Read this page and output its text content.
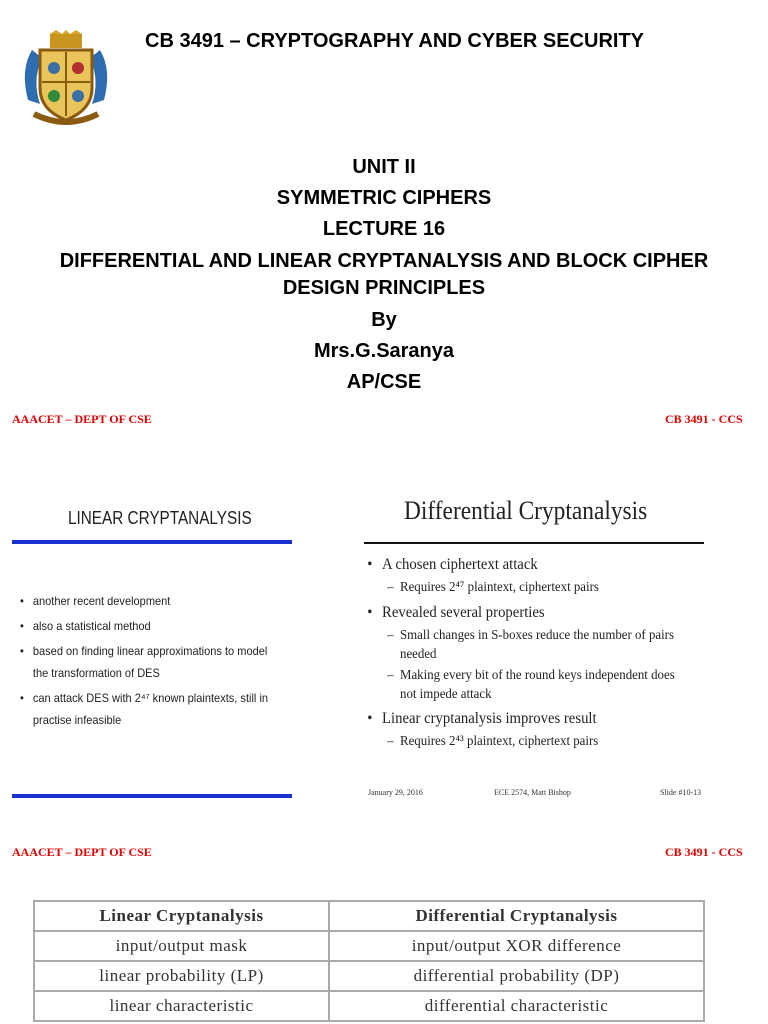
CB 3491 – CRYPTOGRAPHY AND CYBER SECURITY
UNIT II
SYMMETRIC CIPHERS
LECTURE 16
DIFFERENTIAL AND LINEAR CRYPTANALYSIS AND BLOCK CIPHER
DESIGN PRINCIPLES
By
Mrs.G.Saranya
AP/CSE
AAACET – DEPT OF CSE	CB 3491 - CCS
LINEAR CRYPTANALYSIS
• another recent development
• also a statistical method
• based on finding linear approximations to model the transformation of DES
• can attack DES with 2⁴⁷ known plaintexts, still in practise infeasible
Differential Cryptanalysis
• A chosen ciphertext attack
– Requires 2⁴⁷ plaintext, ciphertext pairs
• Revealed several properties
– Small changes in S-boxes reduce the number of pairs
needed
– Making every bit of the round keys independent does
not impede attack
• Linear cryptanalysis improves result
– Requires 2⁴³ plaintext, ciphertext pairs
January 29, 2016	ECE 2574, Matt Bishop	Slide #10-13
AAACET – DEPT OF CSE	CB 3491 - CCS
Linear Cryptanalysis	Differential Cryptanalysis
input/output mask	input/output XOR difference
linear probability (LP)	differential probability (DP)
linear characteristic	differential characteristic
